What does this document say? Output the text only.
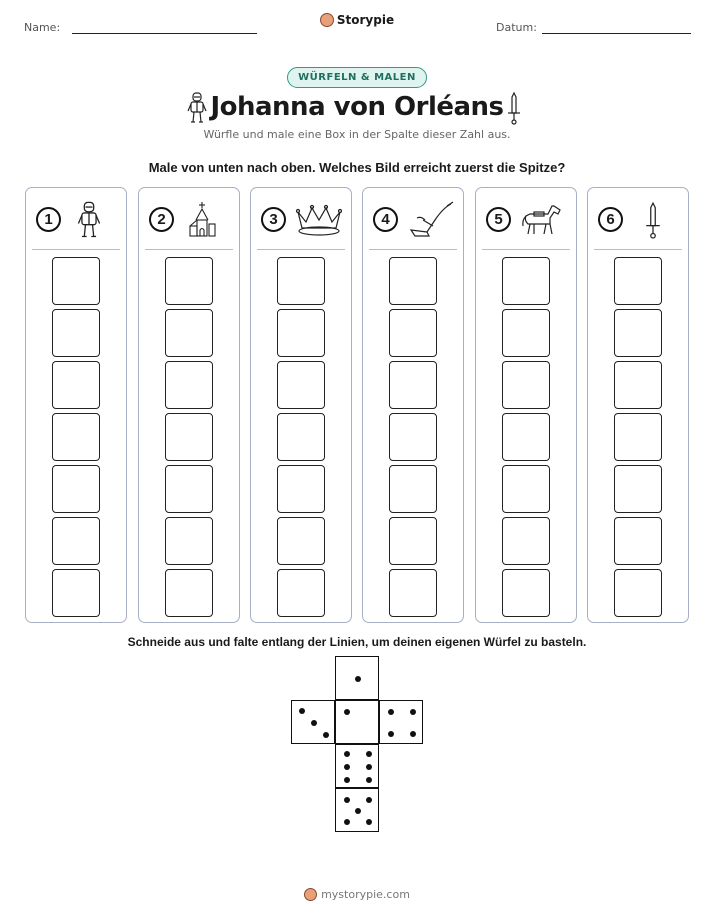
Name:
Storypie
Datum:
WÜRFELN & MALEN
Johanna von Orléans
Würfle und male eine Box in der Spalte dieser Zahl aus.
Male von unten nach oben. Welches Bild erreicht zuerst die Spitze?
1	2	3	4	5	6
Schneide aus und falte entlang der Linien, um deinen eigenen Würfel zu basteln.
mystorypie.com
